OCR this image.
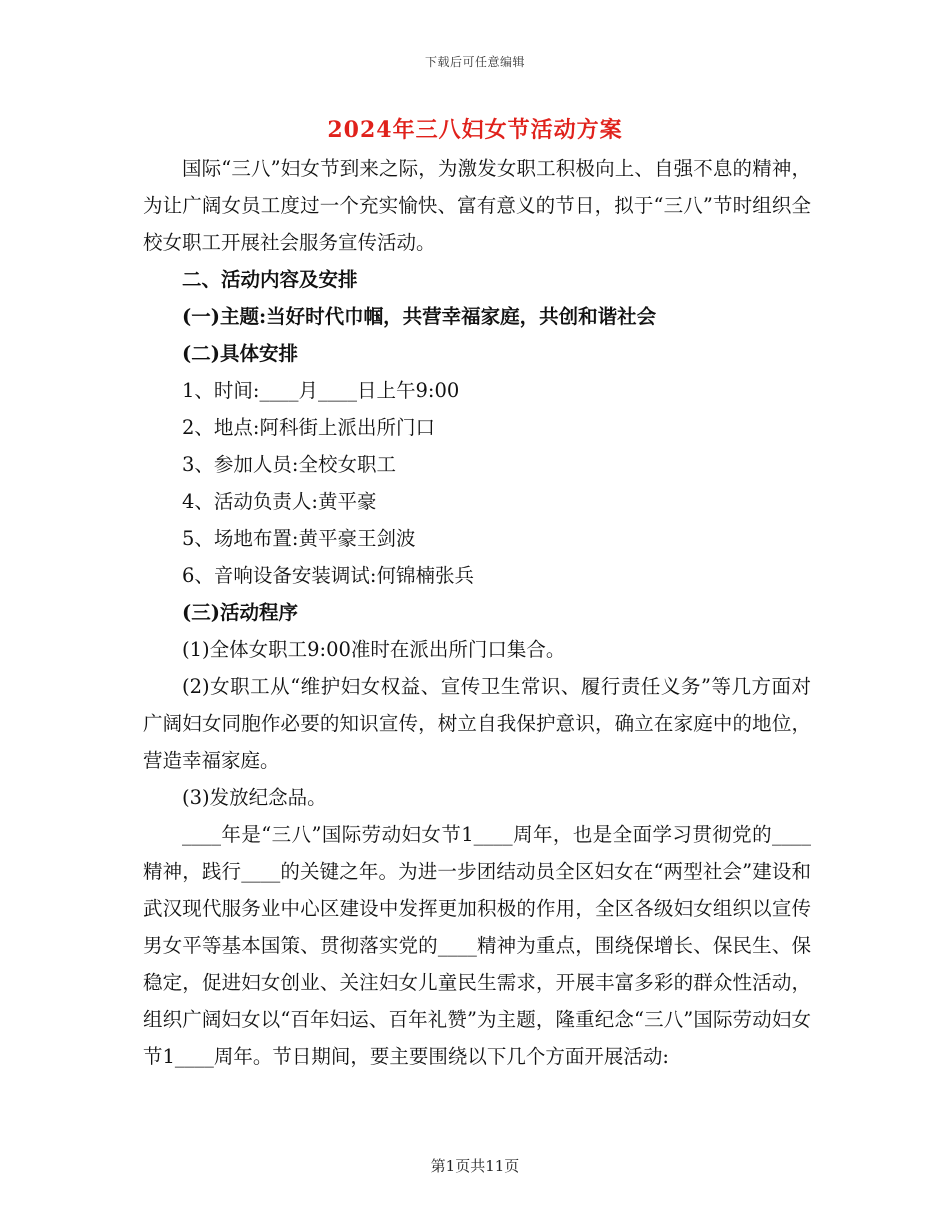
下载后可任意编辑
2024年三八妇女节活动方案

国际“三八”妇女节到来之际，为激发女职工积极向上、自强不息的精神，为让广阔女员工度过一个充实愉快、富有意义的节日，拟于“三八”节时组织全校女职工开展社会服务宣传活动。

二、活动内容及安排

(一)主题:当好时代巾帼，共营幸福家庭，共创和谐社会

(二)具体安排

1、时间:____月____日上午9:00

2、地点:阿科街上派出所门口

3、参加人员:全校女职工

4、活动负责人:黄平豪

5、场地布置:黄平豪王剑波

6、音响设备安装调试:何锦楠张兵

(三)活动程序

(1)全体女职工9:00准时在派出所门口集合。

(2)女职工从“维护妇女权益、宣传卫生常识、履行责任义务”等几方面对广阔妇女同胞作必要的知识宣传，树立自我保护意识，确立在家庭中的地位，营造幸福家庭。

(3)发放纪念品。

____年是“三八”国际劳动妇女节1____周年，也是全面学习贯彻党的____精神，践行____的关键之年。为进一步团结动员全区妇女在“两型社会”建设和武汉现代服务业中心区建设中发挥更加积极的作用，全区各级妇女组织以宣传男女平等基本国策、贯彻落实党的____精神为重点，围绕保增长、保民生、保稳定，促进妇女创业、关注妇女儿童民生需求，开展丰富多彩的群众性活动，组织广阔妇女以“百年妇运、百年礼赞”为主题，隆重纪念“三八”国际劳动妇女节1____周年。节日期间，要主要围绕以下几个方面开展活动:

第1页共11页
